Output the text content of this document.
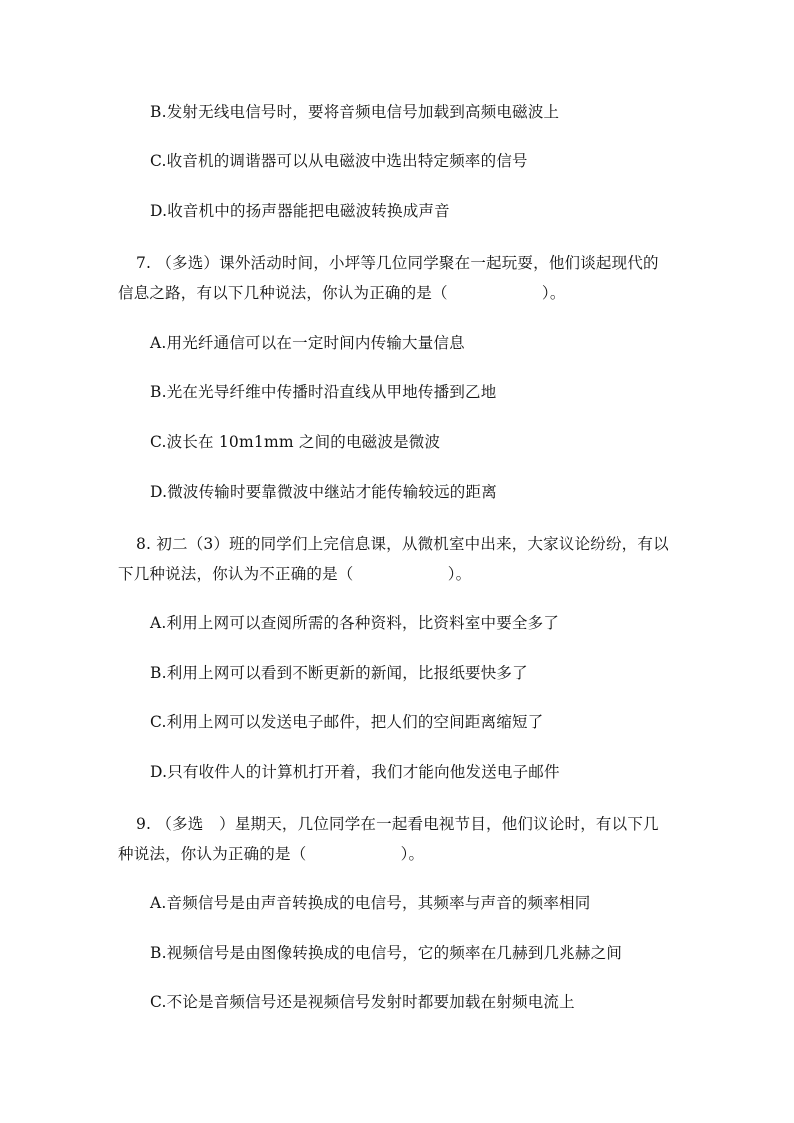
B.发射无线电信号时，要将音频电信号加载到高频电磁波上
C.收音机的调谐器可以从电磁波中选出特定频率的信号
D.收音机中的扬声器能把电磁波转换成声音
7. （多选）课外活动时间，小坪等几位同学聚在一起玩耍，他们谈起现代的
信息之路，有以下几种说法，你认为正确的是（　　　　　　）。
A.用光纤通信可以在一定时间内传输大量信息
B.光在光导纤维中传播时沿直线从甲地传播到乙地
C.波长在 10m1mm 之间的电磁波是微波
D.微波传输时要靠微波中继站才能传输较远的距离
8. 初二（3）班的同学们上完信息课，从微机室中出来，大家议论纷纷，有以
下几种说法，你认为不正确的是（　　　　　　）。
A.利用上网可以查阅所需的各种资料，比资料室中要全多了
B.利用上网可以看到不断更新的新闻，比报纸要快多了
C.利用上网可以发送电子邮件，把人们的空间距离缩短了
D.只有收件人的计算机打开着，我们才能向他发送电子邮件
9. （多选　）星期天，几位同学在一起看电视节目，他们议论时，有以下几
种说法，你认为正确的是（　　　　　　）。
A.音频信号是由声音转换成的电信号，其频率与声音的频率相同
B.视频信号是由图像转换成的电信号，它的频率在几赫到几兆赫之间
C.不论是音频信号还是视频信号发射时都要加载在射频电流上
